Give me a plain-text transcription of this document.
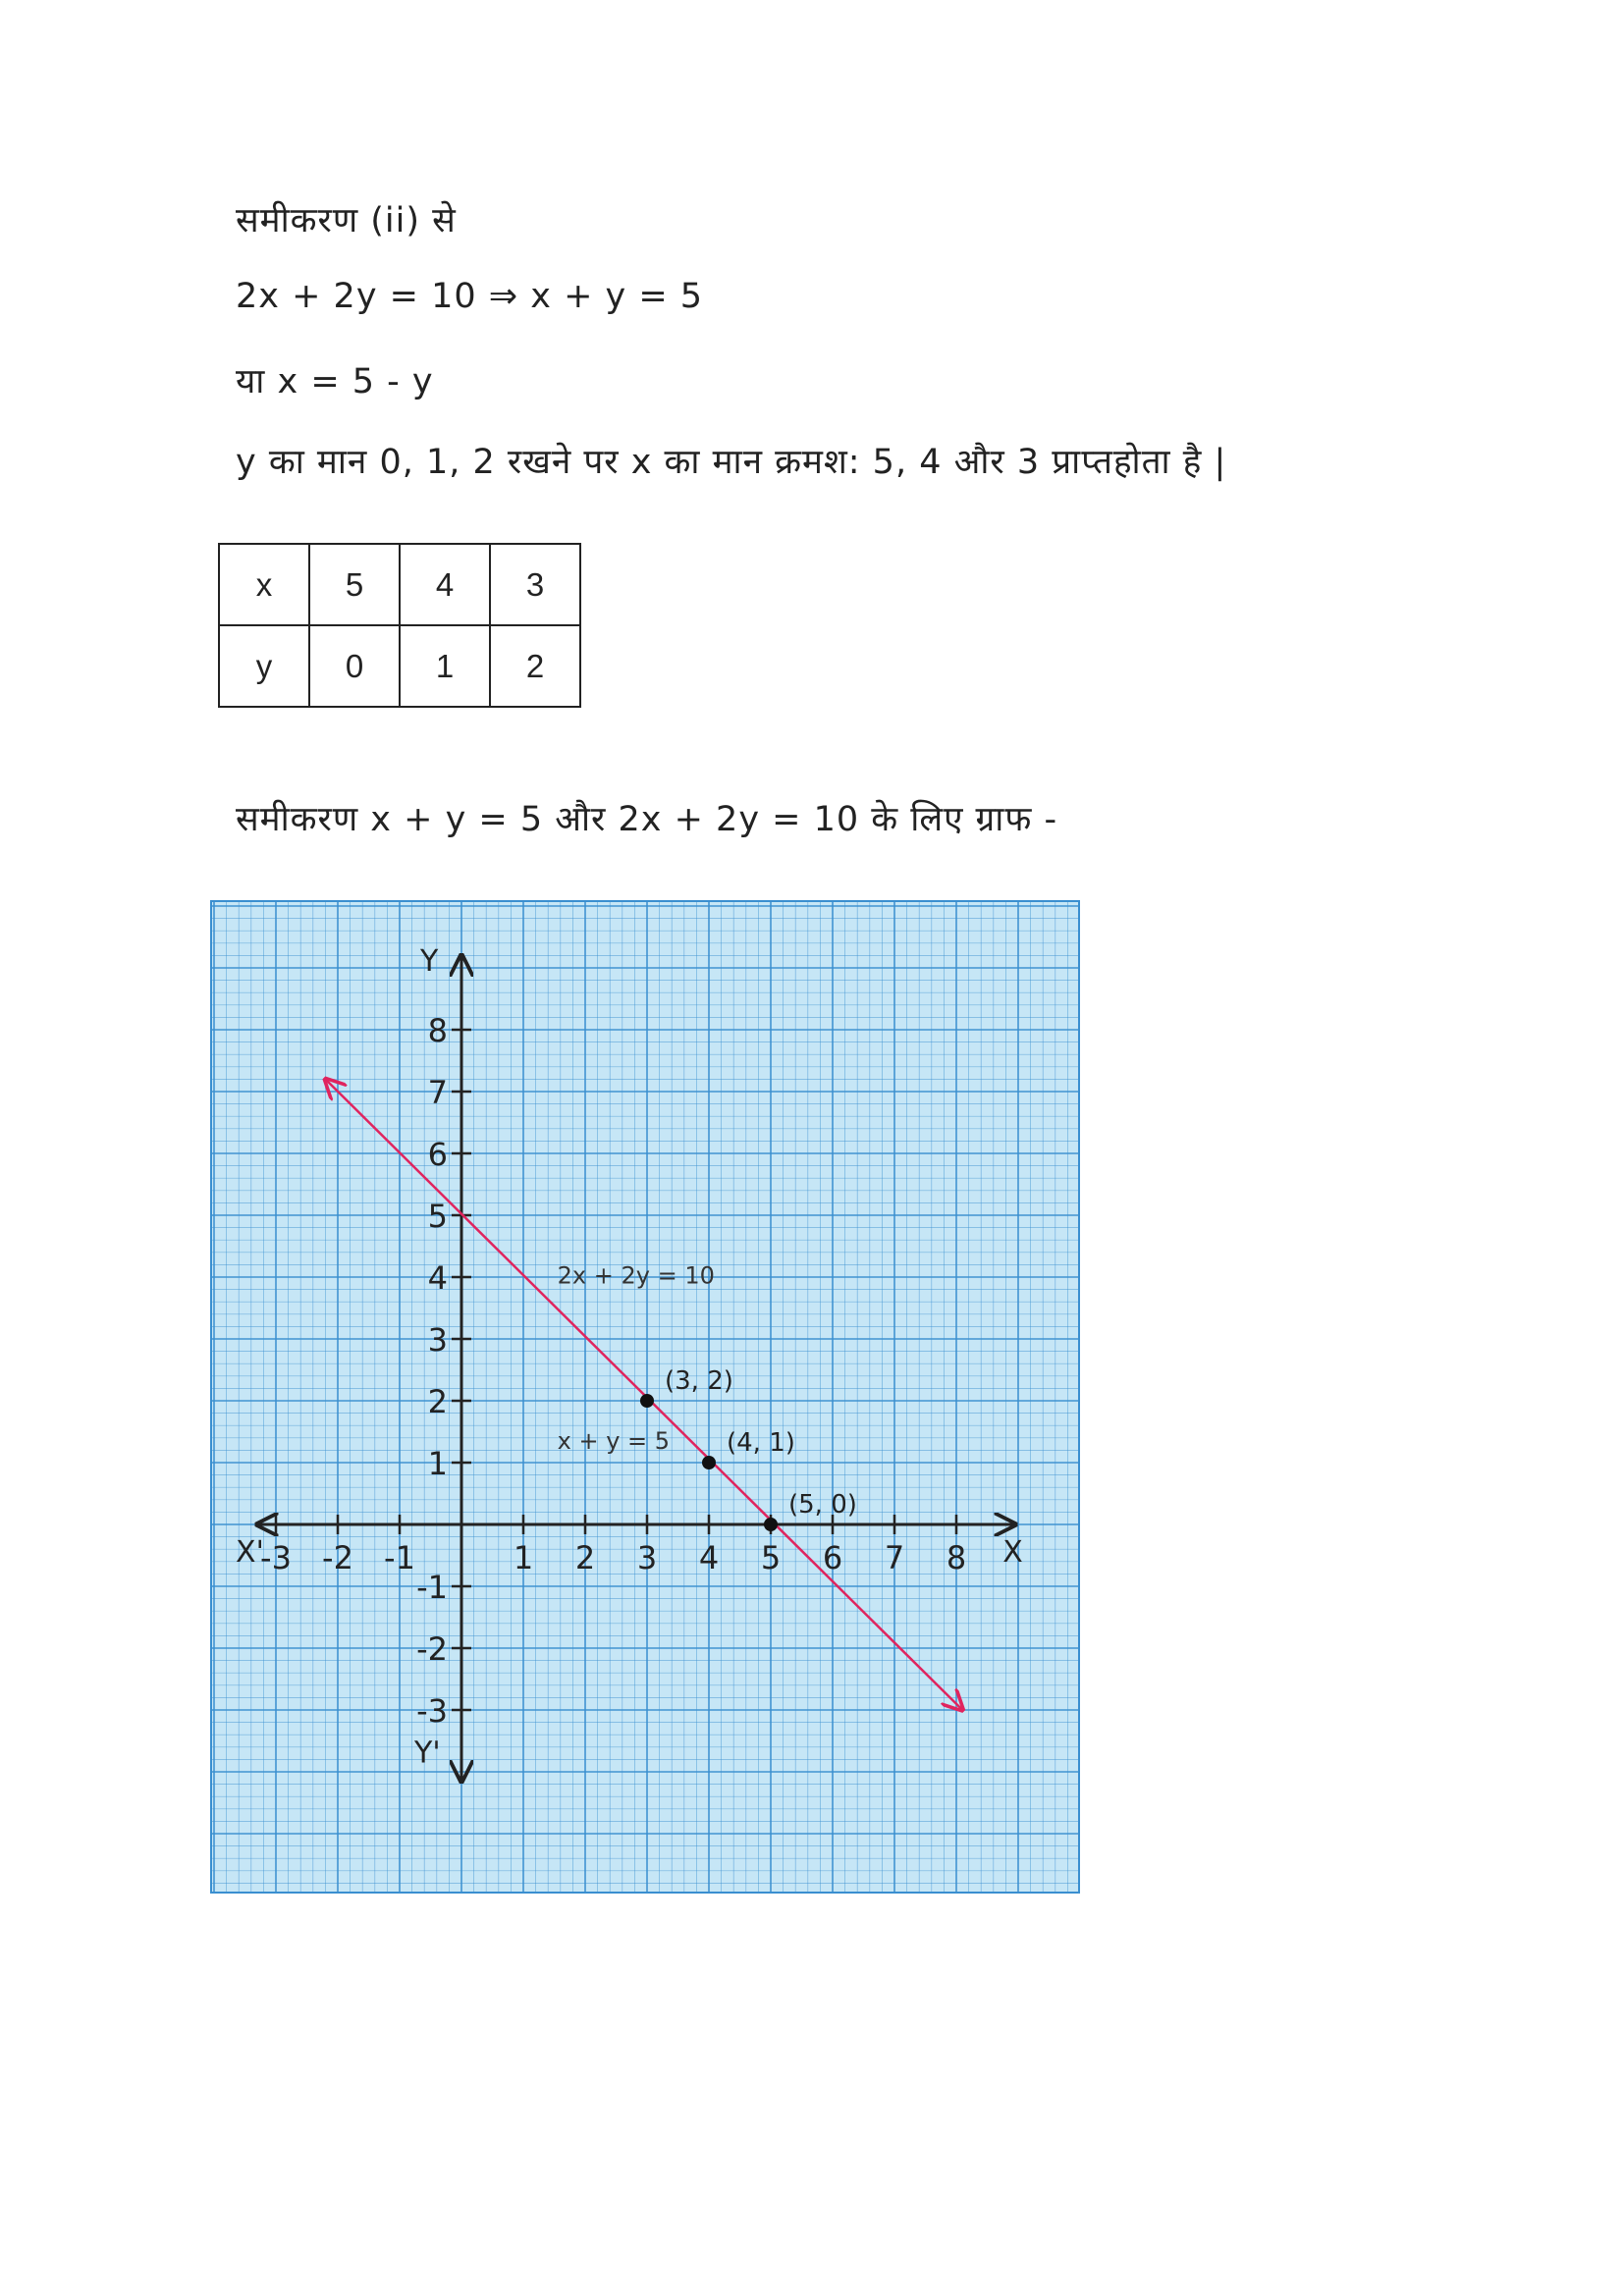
समीकरण (ii) से
2x + 2y = 10 ⇒ x + y = 5
या x = 5 - y
y का मान 0, 1, 2 रखने पर x का मान क्रमश: 5, 4 और 3 प्राप्तहोता है |
x	5	4	3
y	0	1	2
समीकरण x + y = 5 और 2x + 2y = 10 के लिए ग्राफ -
-3 -2 -1	1 2 3 4 5 6 7 8
8
7
6
5
4
3
2
1
-1
-2
-3
X
X'
Y
Y'
2x + 2y = 10
x + y = 5
(3, 2)
(4, 1)
(5, 0)
